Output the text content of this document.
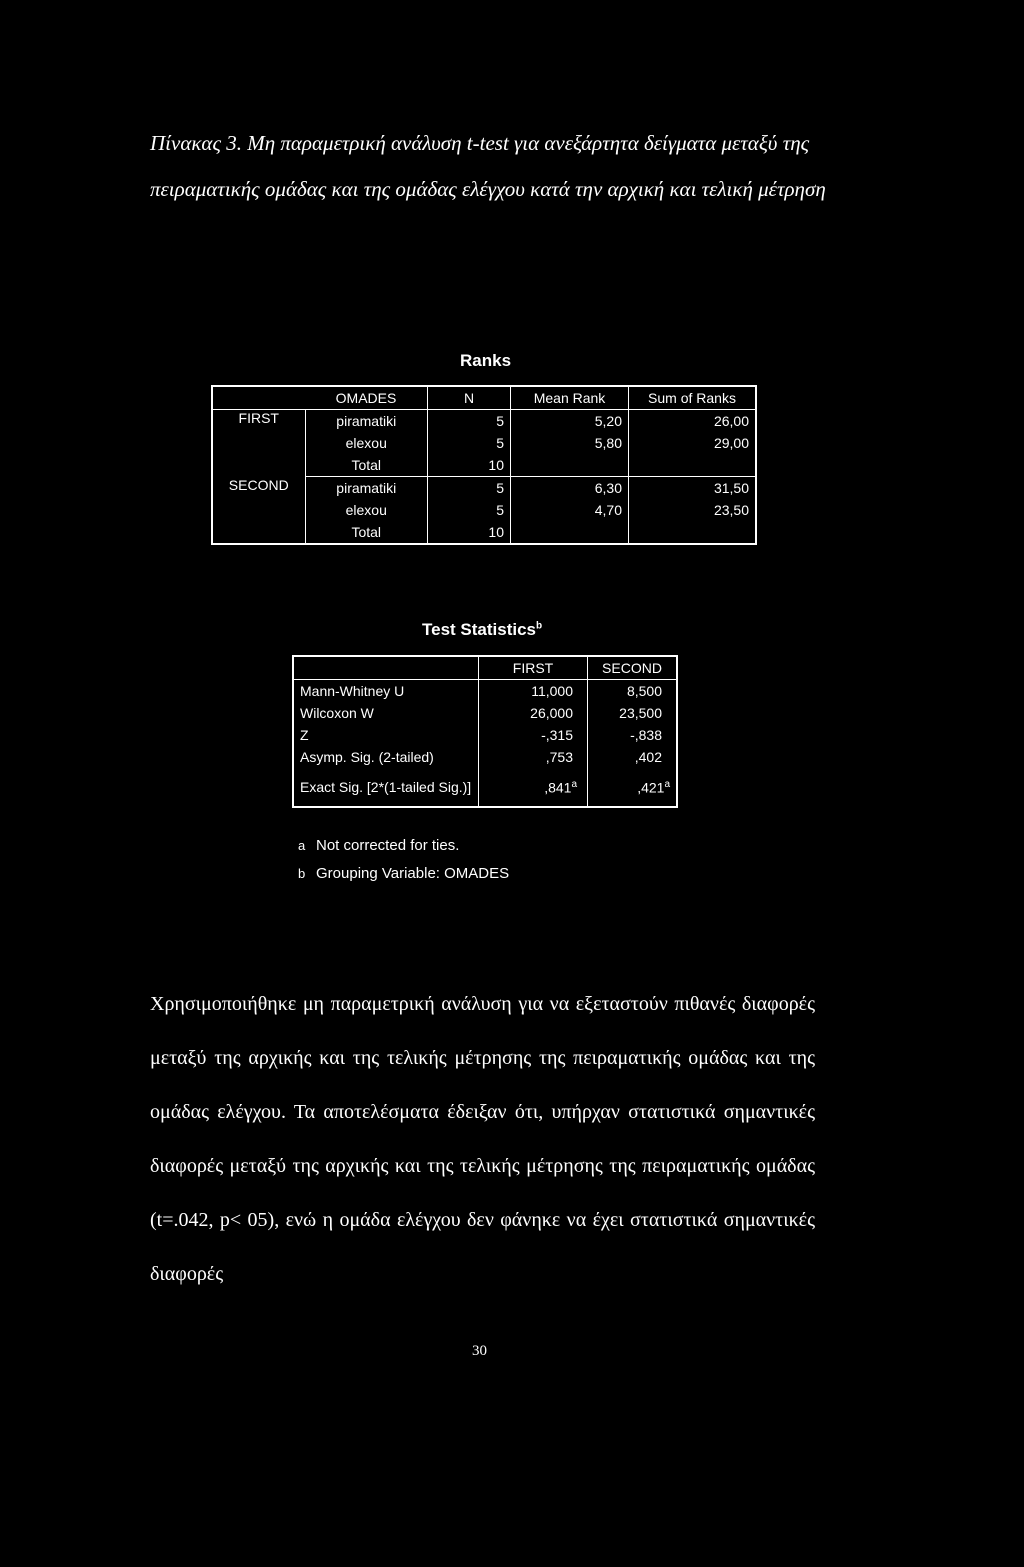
Πίνακας 3. Μη παραμετρική ανάλυση t-test για ανεξάρτητα δείγματα μεταξύ της πειραματικής ομάδας και της ομάδας ελέγχου κατά την αρχική και τελική μέτρηση

Ranks

	OMADES	N	Mean Rank	Sum of Ranks
FIRST	piramatiki	5	5,20	26,00
	elexou	5	5,80	29,00
	Total	10		
SECOND	piramatiki	5	6,30	31,50
	elexou	5	4,70	23,50
	Total	10		

Test Statistics$^b$

	FIRST	SECOND
Mann-Whitney U	11,000	8,500
Wilcoxon W	26,000	23,500
Z	-,315	-,838
Asymp. Sig. (2-tailed)	,753	,402
Exact Sig. [2*(1-tailed Sig.)]	,841$^a$	,421$^a$

a Not corrected for ties.

b Grouping Variable: OMADES

Χρησιμοποιήθηκε μη παραμετρική ανάλυση για να εξεταστούν πιθανές διαφορές μεταξύ της αρχικής και της τελικής μέτρησης της πειραματικής ομάδας και της ομάδας ελέγχου. Τα αποτελέσματα έδειξαν ότι, υπήρχαν στατιστικά σημαντικές διαφορές μεταξύ της αρχικής και της τελικής μέτρησης της πειραματικής ομάδας (t=.042, p< 05), ενώ η ομάδα ελέγχου δεν φάνηκε να έχει στατιστικά σημαντικές διαφορές

30
